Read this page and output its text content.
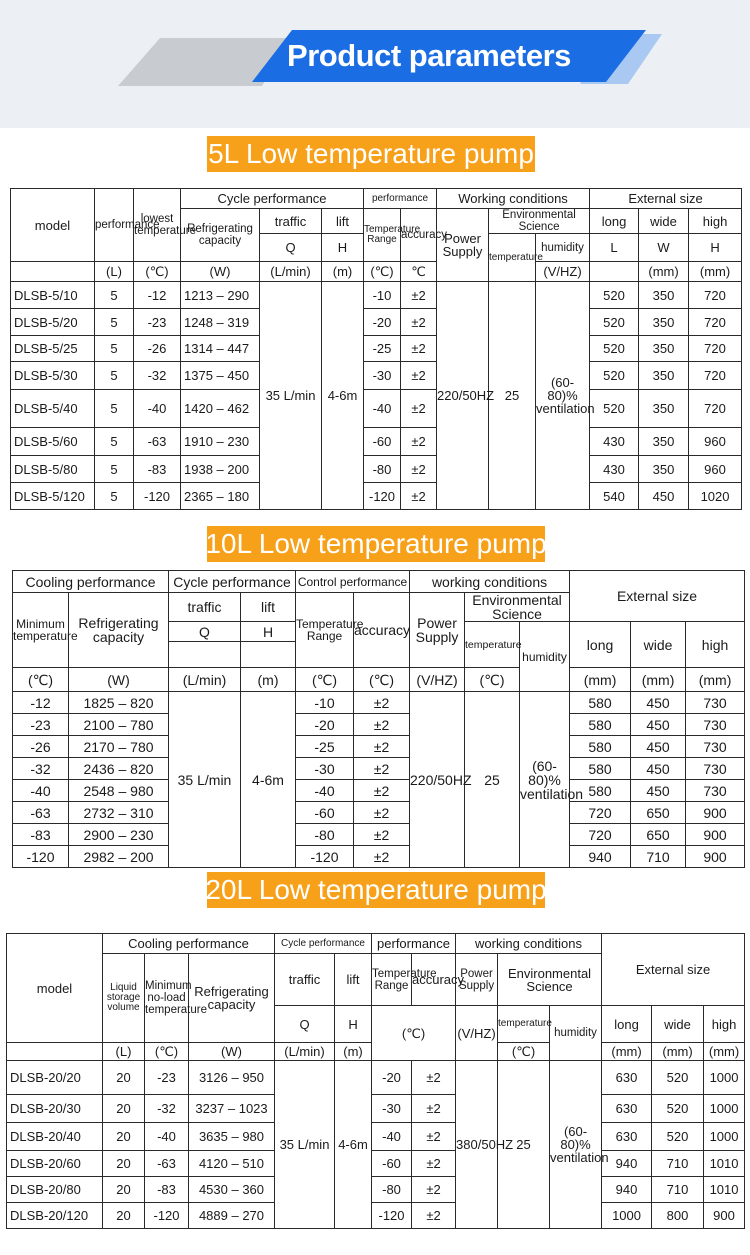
Product parameters
5L Low temperature pump
model	performance	lowest temperature	Cycle performance			performance		Working conditions			External size			
			Refrigerating capacity	traffic	lift	Temperature Range	accuracy	Power Supply	Environmental Science		long	wide	high	
				Q	H				temperature	humidity	L	W	H	
	(L)	(℃)	(W)	(L/min)	(m)	(℃)	℃			(V/HZ)		(mm)	(mm)	
DLSB-5/10	5	-12	1213 – 290	35 L/min	4-6m	-10	±2	220/50HZ	25	(60-80)% ventilation	520	350	720	
DLSB-5/20	5	-23	1248 – 319			-20	±2				520	350	720	
DLSB-5/25	5	-26	1314 – 447			-25	±2				520	350	720	
DLSB-5/30	5	-32	1375 – 450			-30	±2				520	350	720	
DLSB-5/40	5	-40	1420 – 462			-40	±2				520	350	720	
DLSB-5/60	5	-63	1910 – 230			-60	±2				430	350	960	
DLSB-5/80	5	-83	1938 – 200			-80	±2				430	350	960	
DLSB-5/120	5	-120	2365 – 180			-120	±2				540	450	1020	
10L Low temperature pump
Cooling performance		Cycle performance		Control performance		working conditions			External size		
Minimum temperature	Refrigerating capacity	traffic	lift	Temperature Range	accuracy	Power Supply	Environmental Science				
		Q	H				temperature	humidity	long	wide	high

(℃)	(W)	(L/min)	(m)	(℃)	(℃)	(V/HZ)	(℃)		(mm)	(mm)	(mm)
-12	1825 – 820	35 L/min	4-6m	-10	±2	220/50HZ	25	(60-80)% ventilation	580	450	730
-23	2100 – 780			-20	±2				580	450	730
-26	2170 – 780			-25	±2				580	450	730
-32	2436 – 820			-30	±2				580	450	730
-40	2548 – 980			-40	±2				580	450	730
-63	2732 – 310			-60	±2				720	650	900
-83	2900 – 230			-80	±2				720	650	900
-120	2982 – 200			-120	±2				940	710	900
20L Low temperature pump
model	Cooling performance			Cycle performance		performance		working conditions			External size		
	Liquid storage volume	Minimum no-load temperature	Refrigerating capacity	traffic	lift	Temperature Range	accuracy	Power Supply	Environmental Science				
				Q	H	(℃)		(V/HZ)	temperature	humidity	long	wide	high
	(L)	(℃)	(W)	(L/min)	(m)				(℃)		(mm)	(mm)	(mm)
DLSB-20/20	20	-23	3126 – 950	35 L/min	4-6m	-20	±2	380/50HZ	25	(60-80)% ventilation	630	520	1000
DLSB-20/30	20	-32	3237 – 1023			-30	±2				630	520	1000
DLSB-20/40	20	-40	3635 – 980			-40	±2				630	520	1000
DLSB-20/60	20	-63	4120 – 510			-60	±2				940	710	1010
DLSB-20/80	20	-83	4530 – 360			-80	±2				940	710	1010
DLSB-20/120	20	-120	4889 – 270			-120	±2				1000	800	900
